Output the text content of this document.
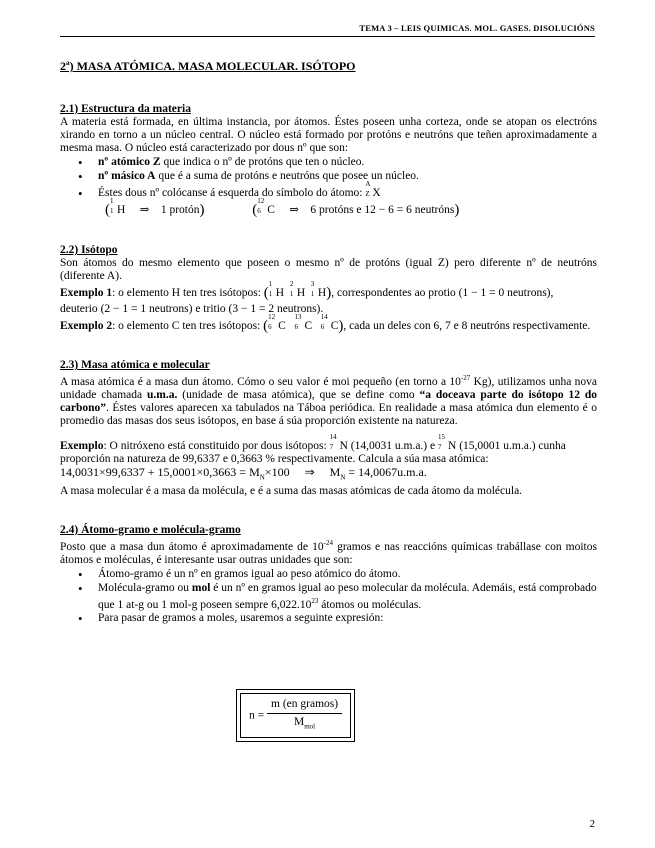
TEMA 3 – LEIS QUIMICAS. MOL. GASES. DISOLUCIÓNS

2ª) MASA ATÓMICA. MASA MOLECULAR. ISÓTOPO

2.1) Estructura da materia

A materia está formada, en última instancia, por átomos. Éstes poseen unha corteza, onde se atopan os electróns xirando en torno a un núcleo central. O núcleo está formado por protóns e neutróns que teñen aproximadamente a mesma masa. O núcleo está caracterizado por dous nº que son:

• nº atómico Z que indica o nº de protóns que ten o núcleo.
• nº másico A que é a suma de protóns e neutróns que posee un núcleo.
• Éstes dous nº colócanse á esquerda do símbolo do átomo:
A
Z X
(
1
1 H ⇒ 1 protón)	(
12
6 C ⇒ 6 protóns e 12 − 6 = 6 neutróns)

2.2) Isótopo

Son átomos do mesmo elemento que poseen o mesmo nº de protóns (igual Z) pero diferente nº de neutróns (diferente A).

Exemplo 1: o elemento H ten tres isótopos: (
1
1 H
2
1 H
3
1 H), correspondentes ao protio (1 − 1 = 0 neutrons),

deuterio (2 − 1 = 1 neutrons) e tritio (3 − 1 = 2 neutrons).

Exemplo 2: o elemento C ten tres isótopos: (
12
6 C
13
6 C
14
6 C), cada un deles con 6, 7 e 8 neutróns respectivamente.

2.3) Masa atómica e molecular

A masa atómica é a masa dun átomo. Cómo o seu valor é moi pequeño (en torno a $10^{-27}$ Kg), utilizamos unha nova unidade chamada u.m.a. (unidade de masa atómica), que se define como “a doceava parte do isótopo 12 do carbono”. Éstes valores aparecen xa tabulados na Táboa periódica. En realidade a masa atómica dun elemento é o promedio das masas dos seus isótopos, en base á súa proporción existente na natureza.

Exemplo: O nitróxeno está constituido por dous isótopos:
14
7 N (14,0031 u.m.a.) e
15
7 N (15,0001 u.m.a.) cunha

proporción na natureza de 99,6337 e 0,3663 % respectivamente. Calcula a súa masa atómica:

$14,0031\times 99,6337 + 15,0001\times 0,3663 = M_N\times 100$ ⇒ $M_N = 14,0067u.m.a$.

A masa molecular é a masa da molécula, e é a suma das masas atómicas de cada átomo da molécula.

2.4) Átomo-gramo e molécula-gramo

Posto que a masa dun átomo é aproximadamente de $10^{-24}$ gramos e nas reaccións químicas trabállase con moitos átomos e moléculas, é interesante usar outras unidades que son:

• Átomo-gramo é un nº en gramos igual ao peso atómico do átomo.
• Molécula-gramo ou mol é un nº en gramos igual ao peso molecular da molécula. Ademáis, está comprobado que 1 at-g ou 1 mol-g poseen sempre 6,022.10$^{23}$ átomos ou moléculas.
• Para pasar de gramos a moles, usaremos a seguinte expresión:
$n = \frac{\text{m (en gramos)}}{M_{mol}}$
2
